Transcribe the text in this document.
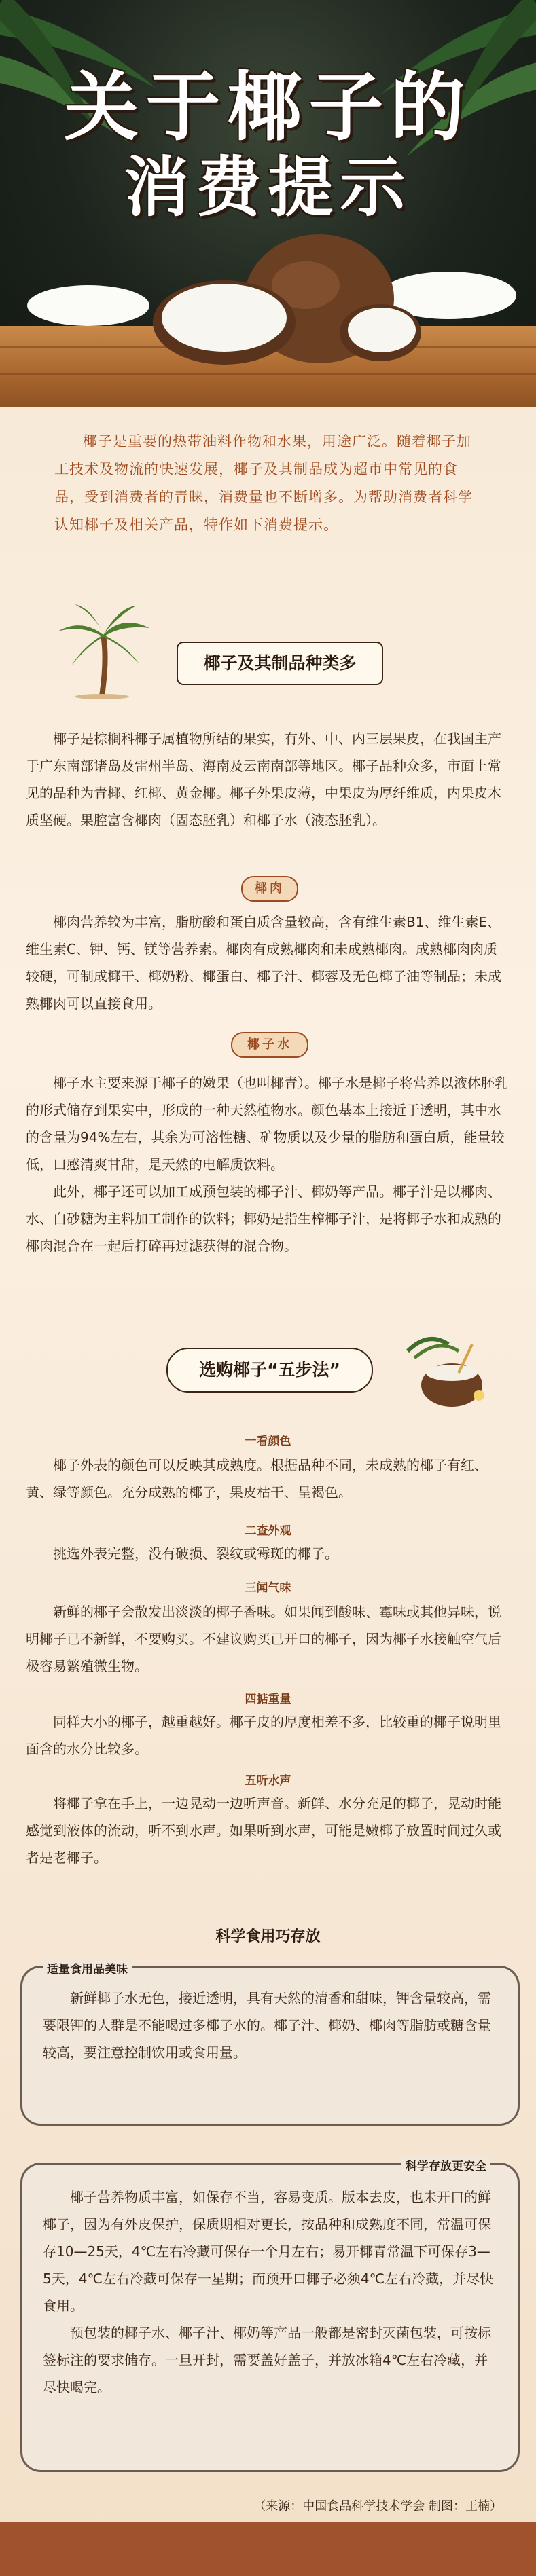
关于椰子的
消费提示
椰子是重要的热带油料作物和水果，用途广泛。随着椰子加工技术及物流的快速发展，椰子及其制品成为超市中常见的食品，受到消费者的青睐，消费量也不断增多。为帮助消费者科学认知椰子及相关产品，特作如下消费提示。
椰子及其制品种类多

椰子是棕榈科椰子属植物所结的果实，有外、中、内三层果皮，在我国主产于广东南部诸岛及雷州半岛、海南及云南南部等地区。椰子品种众多，市面上常见的品种为青椰、红椰、黄金椰。椰子外果皮薄，中果皮为厚纤维质，内果皮木质坚硬。果腔富含椰肉（固态胚乳）和椰子水（液态胚乳）。

椰肉

椰肉营养较为丰富，脂肪酸和蛋白质含量较高，含有维生素B1、维生素E、维生素C、钾、钙、镁等营养素。椰肉有成熟椰肉和未成熟椰肉。成熟椰肉肉质较硬，可制成椰干、椰奶粉、椰蛋白、椰子汁、椰蓉及无色椰子油等制品；未成熟椰肉可以直接食用。

椰子水

椰子水主要来源于椰子的嫩果（也叫椰青）。椰子水是椰子将营养以液体胚乳的形式储存到果实中，形成的一种天然植物水。颜色基本上接近于透明，其中水的含量为94%左右，其余为可溶性糖、矿物质以及少量的脂肪和蛋白质，能量较低，口感清爽甘甜，是天然的电解质饮料。

此外，椰子还可以加工成预包装的椰子汁、椰奶等产品。椰子汁是以椰肉、水、白砂糖为主料加工制作的饮料；椰奶是指生榨椰子汁，是将椰子水和成熟的椰肉混合在一起后打碎再过滤获得的混合物。

选购椰子“五步法”
一看颜色

椰子外表的颜色可以反映其成熟度。根据品种不同，未成熟的椰子有红、黄、绿等颜色。充分成熟的椰子，果皮枯干、呈褐色。

二查外观

挑选外表完整，没有破损、裂纹或霉斑的椰子。

三闻气味

新鲜的椰子会散发出淡淡的椰子香味。如果闻到酸味、霉味或其他异味，说明椰子已不新鲜，不要购买。不建议购买已开口的椰子，因为椰子水接触空气后极容易繁殖微生物。

四掂重量

同样大小的椰子，越重越好。椰子皮的厚度相差不多，比较重的椰子说明里面含的水分比较多。

五听水声

将椰子拿在手上，一边晃动一边听声音。新鲜、水分充足的椰子，晃动时能感觉到液体的流动，听不到水声。如果听到水声，可能是嫩椰子放置时间过久或者是老椰子。

科学食用巧存放
适量食用品美味

新鲜椰子水无色，接近透明，具有天然的清香和甜味，钾含量较高，需要限钾的人群是不能喝过多椰子水的。椰子汁、椰奶、椰肉等脂肪或糖含量较高，要注意控制饮用或食用量。

科学存放更安全

椰子营养物质丰富，如保存不当，容易变质。版本去皮，也未开口的鲜椰子，因为有外皮保护，保质期相对更长，按品种和成熟度不同，常温可保存10—25天，4℃左右冷藏可保存一个月左右；易开椰青常温下可保存3—5天，4℃左右冷藏可保存一星期；而预开口椰子必须4℃左右冷藏，并尽快食用。

预包装的椰子水、椰子汁、椰奶等产品一般都是密封灭菌包装，可按标签标注的要求储存。一旦开封，需要盖好盖子，并放冰箱4℃左右冷藏，并尽快喝完。

（来源：中国食品科学技术学会 制图：王楠）
